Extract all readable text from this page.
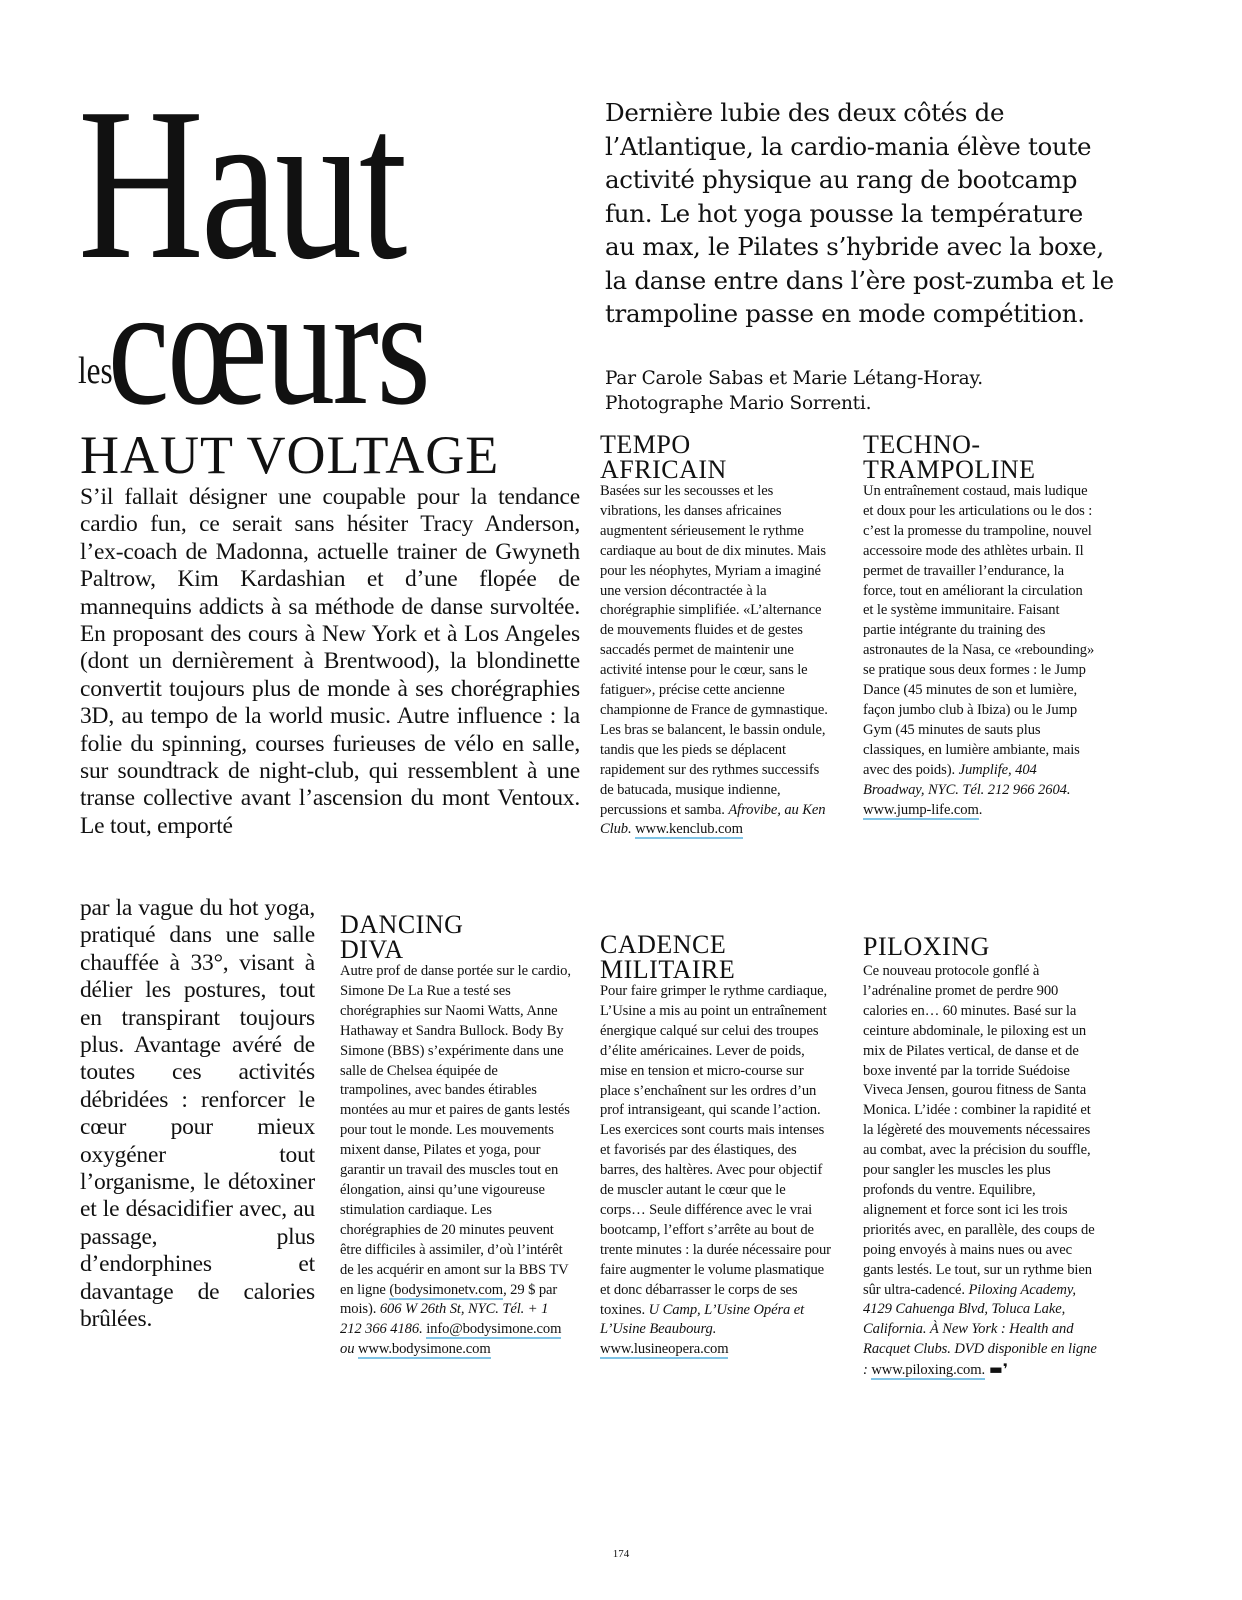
Haut
lescœurs

Dernière lubie des deux côtés de l’Atlantique, la cardio-mania élève toute activité physique au rang de bootcamp fun. Le hot yoga pousse la température au max, le Pilates s’hybride avec la boxe, la danse entre dans l’ère post-zumba et le trampoline passe en mode compétition.

Par Carole Sabas et Marie Létang-Horay.
Photographe Mario Sorrenti.
HAUT VOLTAGE

S’il fallait désigner une coupable pour la tendance cardio fun, ce serait sans hésiter Tracy Anderson, l’ex-coach de Madonna, actuelle trainer de Gwyneth Paltrow, Kim Kardashian et d’une flopée de mannequins addicts à sa méthode de danse survoltée. En proposant des cours à New York et à Los Angeles (dont un dernièrement à Brentwood), la blondinette convertit toujours plus de monde à ses chorégraphies 3D, au tempo de la world music. Autre influence : la folie du spinning, courses furieuses de vélo en salle, sur soundtrack de night-club, qui ressemblent à une transe collective avant l’ascension du mont Ventoux. Le tout, emporté

par la vague du hot yoga, pratiqué dans une salle chauffée à 33°, visant à délier les postures, tout en transpirant toujours plus. Avantage avéré de toutes ces activités débridées : renforcer le cœur pour mieux oxygéner tout l’organisme, le détoxiner et le désacidifier avec, au passage, plus d’endorphines et davantage de calories brûlées.

TEMPO
AFRICAIN
Basées sur les secousses et les vibrations, les danses africaines augmentent sérieusement le rythme cardiaque au bout de dix minutes. Mais pour les néophytes, Myriam a imaginé une version décontractée à la chorégraphie simplifiée. «L’alternance de mouvements fluides et de gestes saccadés permet de maintenir une activité intense pour le cœur, sans le fatiguer», précise cette ancienne championne de France de gymnastique. Les bras se balancent, le bassin ondule, tandis que les pieds se déplacent rapidement sur des rythmes successifs de batucada, musique indienne, percussions et samba. Afrovibe, au Ken Club. www.kenclub.com
TECHNO-
TRAMPOLINE
Un entraînement costaud, mais ludique et doux pour les articulations ou le dos : c’est la promesse du trampoline, nouvel accessoire mode des athlètes urbain. Il permet de travailler l’endurance, la force, tout en améliorant la circulation et le système immunitaire. Faisant partie intégrante du training des astronautes de la Nasa, ce «rebounding» se pratique sous deux formes : le Jump Dance (45 minutes de son et lumière, façon jumbo club à Ibiza) ou le Jump Gym (45 minutes de sauts plus classiques, en lumière ambiante, mais avec des poids). Jumplife, 404 Broadway, NYC. Tél. 212 966 2604. www.jump-life.com.
DANCING
DIVA
Autre prof de danse portée sur le cardio, Simone De La Rue a testé ses chorégraphies sur Naomi Watts, Anne Hathaway et Sandra Bullock. Body By Simone (BBS) s’expérimente dans une salle de Chelsea équipée de trampolines, avec bandes étirables montées au mur et paires de gants lestés pour tout le monde. Les mouvements mixent danse, Pilates et yoga, pour garantir un travail des muscles tout en élongation, ainsi qu’une vigoureuse stimulation cardiaque. Les chorégraphies de 20 minutes peuvent être difficiles à assimiler, d’où l’intérêt de les acquérir en amont sur la BBS TV en ligne (bodysimonetv.com, 29 $ par mois). 606 W 26th St, NYC. Tél. + 1 212 366 4186. info@bodysimone.com ou www.bodysimone.com
CADENCE
MILITAIRE
Pour faire grimper le rythme cardiaque, L’Usine a mis au point un entraînement énergique calqué sur celui des troupes d’élite américaines. Lever de poids, mise en tension et micro-course sur place s’enchaînent sur les ordres d’un prof intransigeant, qui scande l’action. Les exercices sont courts mais intenses et favorisés par des élastiques, des barres, des haltères. Avec pour objectif de muscler autant le cœur que le corps… Seule différence avec le vrai bootcamp, l’effort s’arrête au bout de trente minutes : la durée nécessaire pour faire augmenter le volume plasmatique et donc débarrasser le corps de ses toxines. U Camp, L’Usine Opéra et L’Usine Beaubourg. www.lusineopera.com
PILOXING
Ce nouveau protocole gonflé à l’adrénaline promet de perdre 900 calories en… 60 minutes. Basé sur la ceinture abdominale, le piloxing est un mix de Pilates vertical, de danse et de boxe inventé par la torride Suédoise Viveca Jensen, gourou fitness de Santa Monica. L’idée : combiner la rapidité et la légèreté des mouvements nécessaires au combat, avec la précision du souffle, pour sangler les muscles les plus profonds du ventre. Equilibre, alignement et force sont ici les trois priorités avec, en parallèle, des coups de poing envoyés à mains nues ou avec gants lestés. Le tout, sur un rythme bien sûr ultra-cadencé. Piloxing Academy, 4129 Cahuenga Blvd, Toluca Lake, California. À New York : Health and Racquet Clubs. DVD disponible en ligne : www.piloxing.com. ▬❜
174
